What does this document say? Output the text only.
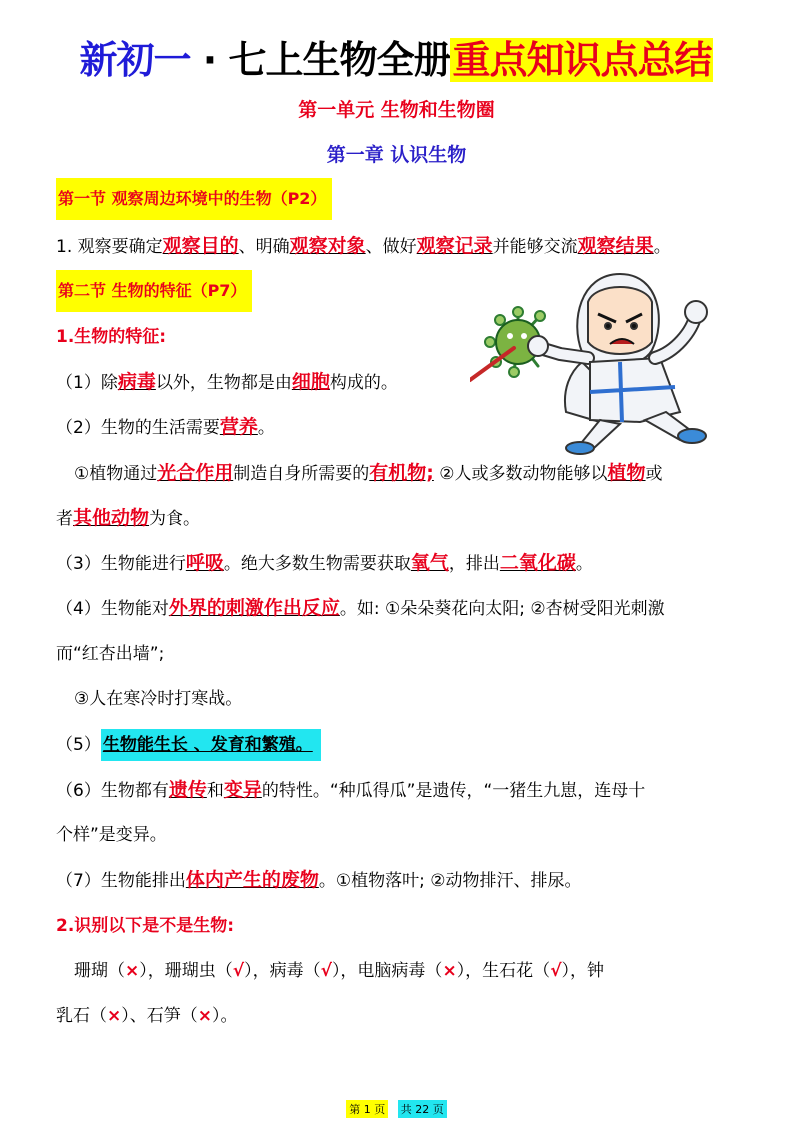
新初一 · 七上生物全册重点知识点总结
第一单元 生物和生物圈
第一章 认识生物
第一节 观察周边环境中的生物（P2）
1. 观察要确定观察目的、明确观察对象、做好观察记录并能够交流观察结果。
第二节 生物的特征（P7）
1.生物的特征:
（1）除病毒以外，生物都是由细胞构成的。
（2）生物的生活需要营养。
①植物通过光合作用制造自身所需要的有机物; ②人或多数动物能够以植物或
者其他动物为食。
（3）生物能进行呼吸。绝大多数生物需要获取氧气，排出二氧化碳。
（4）生物能对外界的刺激作出反应。如: ①朵朵葵花向太阳; ②杏树受阳光刺激
而“红杏出墙”;
③人在寒冷时打寒战。
（5） 生物能生长 、发育和繁殖。
（6）生物都有遗传和变异的特性。“种瓜得瓜”是遗传，“一猪生九崽，连母十
个样”是变异。
（7）生物能排出体内产生的废物。①植物落叶; ②动物排汗、排尿。
2.识别以下是不是生物:
珊瑚（×），珊瑚虫（√），病毒（√），电脑病毒（×），生石花（√），钟
乳石（×）、石笋（×）。
第 1 页 共 22 页
